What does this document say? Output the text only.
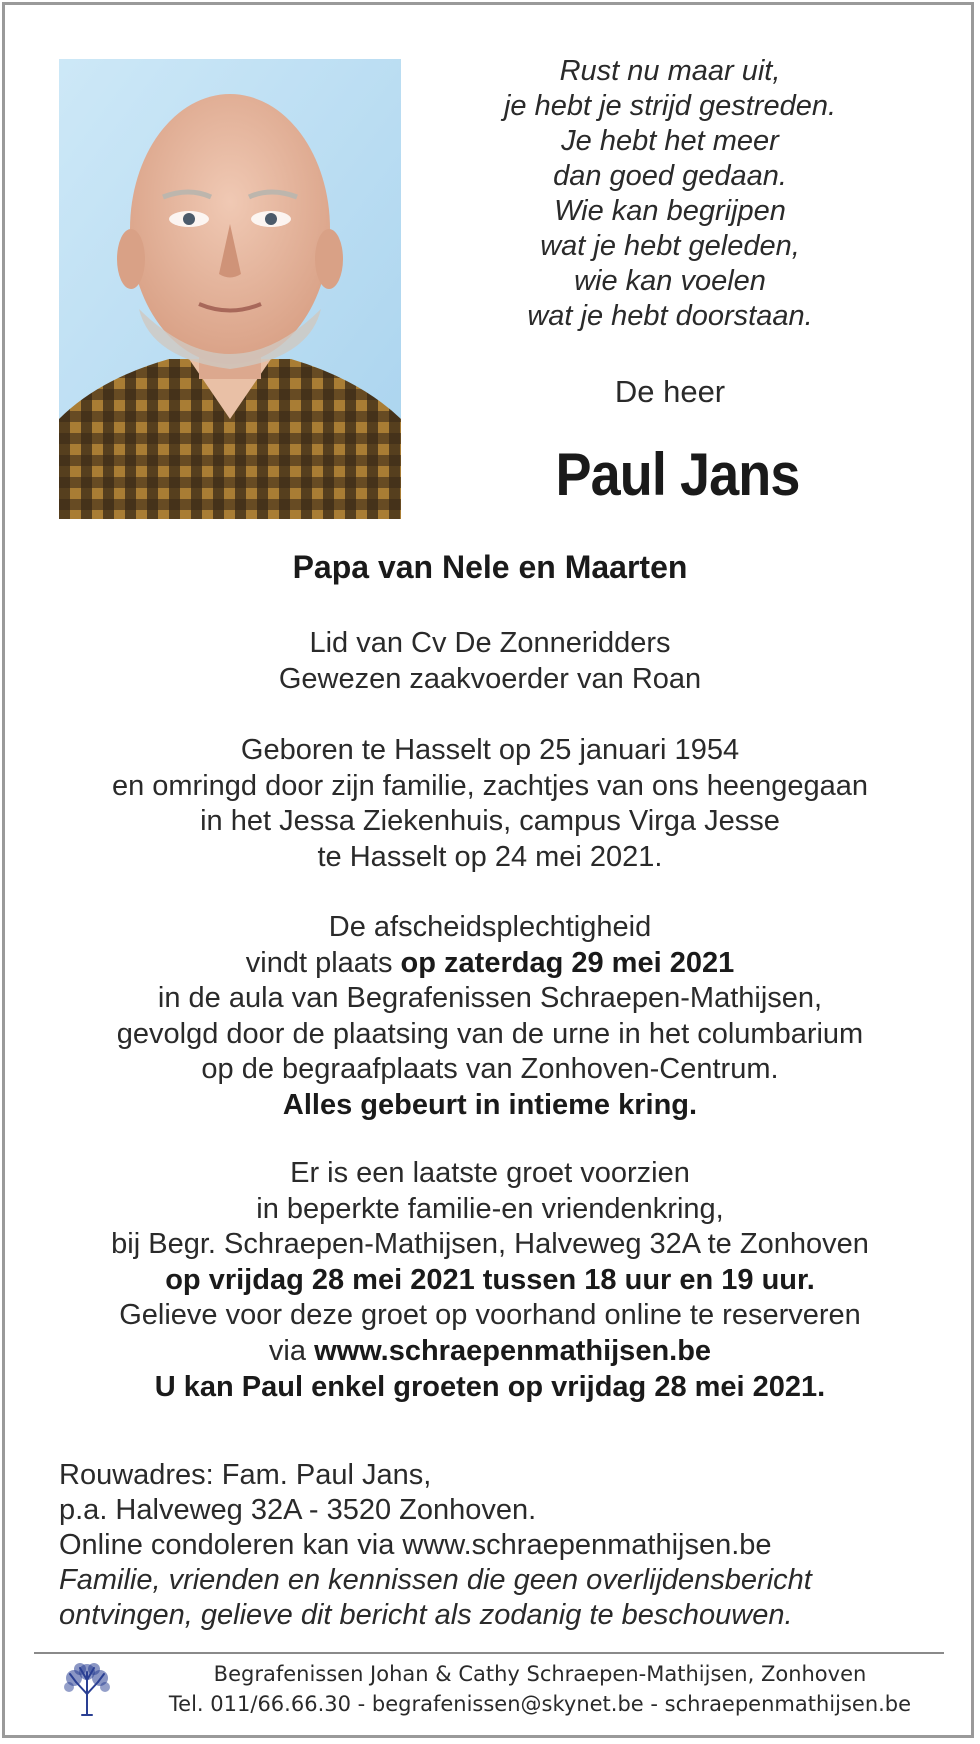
Rust nu maar uit,
je hebt je strijd gestreden.
Je hebt het meer
dan goed gedaan.
Wie kan begrijpen
wat je hebt geleden,
wie kan voelen
wat je hebt doorstaan.
De heer
Paul Jans
Papa van Nele en Maarten
Lid van Cv De Zonneridders
Gewezen zaakvoerder van Roan
Geboren te Hasselt op 25 januari 1954
en omringd door zijn familie, zachtjes van ons heengegaan
in het Jessa Ziekenhuis, campus Virga Jesse
te Hasselt op 24 mei 2021.
De afscheidsplechtigheid
vindt plaats op zaterdag 29 mei 2021
in de aula van Begrafenissen Schraepen-Mathijsen,
gevolgd door de plaatsing van de urne in het columbarium
op de begraafplaats van Zonhoven-Centrum.
Alles gebeurt in intieme kring.
Er is een laatste groet voorzien
in beperkte familie-en vriendenkring,
bij Begr. Schraepen-Mathijsen, Halveweg 32A te Zonhoven
op vrijdag 28 mei 2021 tussen 18 uur en 19 uur.
Gelieve voor deze groet op voorhand online te reserveren
via www.schraepenmathijsen.be
U kan Paul enkel groeten op vrijdag 28 mei 2021.
Rouwadres: Fam. Paul Jans,
p.a. Halveweg 32A - 3520 Zonhoven.
Online condoleren kan via www.schraepenmathijsen.be
Familie, vrienden en kennissen die geen overlijdensbericht
ontvingen, gelieve dit bericht als zodanig te beschouwen.
Begrafenissen Johan & Cathy Schraepen-Mathijsen, Zonhoven
Tel. 011/66.66.30 - begrafenissen@skynet.be - schraepenmathijsen.be
